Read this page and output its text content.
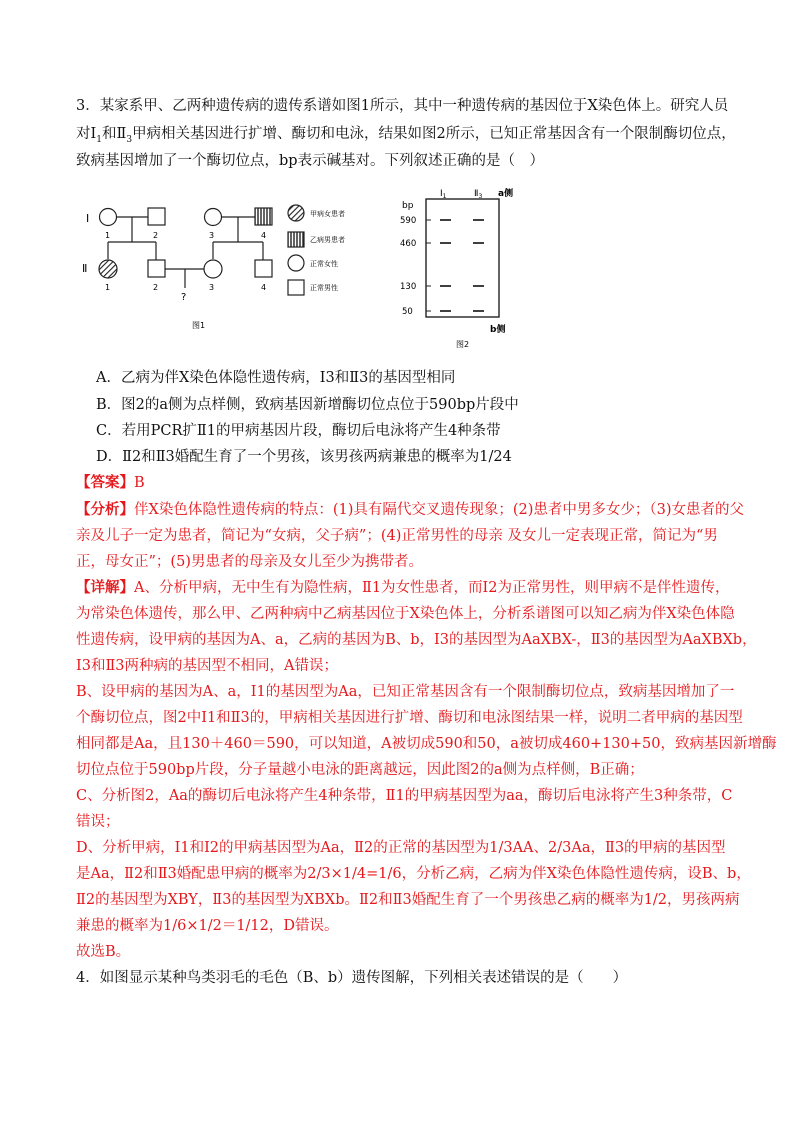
3．某家系甲、乙两种遗传病的遗传系谱如图1所示，其中一种遗传病的基因位于X染色体上。研究人员
对$I_1$和$Ⅱ_3$甲病相关基因进行扩增、酶切和电泳，结果如图2所示，已知正常基因含有一个限制酶切位点，
致病基因增加了一个酶切位点，bp表示碱基对。下列叙述正确的是（　）
I
Ⅱ
1	2	3	4
?
1	2	3	4
甲病女患者
乙病男患者
正常女性
正常男性
图1
$I_1$	$Ⅱ_3$ a侧
bp
590
460
130
50
b侧
图2
A．乙病为伴X染色体隐性遗传病，I3和Ⅱ3的基因型相同
B．图2的a侧为点样侧，致病基因新增酶切位点位于590bp片段中
C．若用PCR扩Ⅱ1的甲病基因片段，酶切后电泳将产生4种条带
D．Ⅱ2和Ⅱ3婚配生育了一个男孩，该男孩两病兼患的概率为1/24
【答案】B
【分析】伴X染色体隐性遗传病的特点：(1)具有隔代交叉遗传现象；(2)患者中男多女少；（3)女患者的父
亲及儿子一定为患者，简记为“女病，父子病”；(4)正常男性的母亲 及女儿一定表现正常，简记为“男
正，母女正”；(5)男患者的母亲及女儿至少为携带者。
【详解】A、分析甲病，无中生有为隐性病，Ⅱ1为女性患者，而Ⅰ2为正常男性，则甲病不是伴性遗传，
为常染色体遗传，那么甲、乙两种病中乙病基因位于X染色体上，分析系谱图可以知乙病为伴X染色体隐
性遗传病，设甲病的基因为A、a，乙病的基因为B、b，I3的基因型为AaXBX-，Ⅱ3的基因型为AaXBXb，
I3和Ⅱ3两种病的基因型不相同，A错误；
B、设甲病的基因为A、a，Ⅰ1的基因型为Aa，已知正常基因含有一个限制酶切位点，致病基因增加了一
个酶切位点，图2中I1和Ⅱ3的，甲病相关基因进行扩增、酶切和电泳图结果一样，说明二者甲病的基因型
相同都是Aa，且130＋460＝590，可以知道，A被切成590和50，a被切成460+130+50，致病基因新增酶
切位点位于590bp片段，分子量越小电泳的距离越远，因此图2的a侧为点样侧，B正确；
C、分析图2，Aa的酶切后电泳将产生4种条带，Ⅱ1的甲病基因型为aa，酶切后电泳将产生3种条带，C
错误；
D、分析甲病，Ⅰ1和Ⅰ2的甲病基因型为Aa，Ⅱ2的正常的基因型为1/3AA、2/3Aa，Ⅱ3的甲病的基因型
是Aa，Ⅱ2和Ⅱ3婚配患甲病的概率为2/3×1/4=1/6，分析乙病，乙病为伴X染色体隐性遗传病，设B、b，
Ⅱ2的基因型为XBY，Ⅱ3的基因型为XBXb。Ⅱ2和Ⅱ3婚配生育了一个男孩患乙病的概率为1/2，男孩两病
兼患的概率为1/6×1/2＝1/12，D错误。
故选B。
4．如图显示某种鸟类羽毛的毛色（B、b）遗传图解，下列相关表述错误的是（　　）
